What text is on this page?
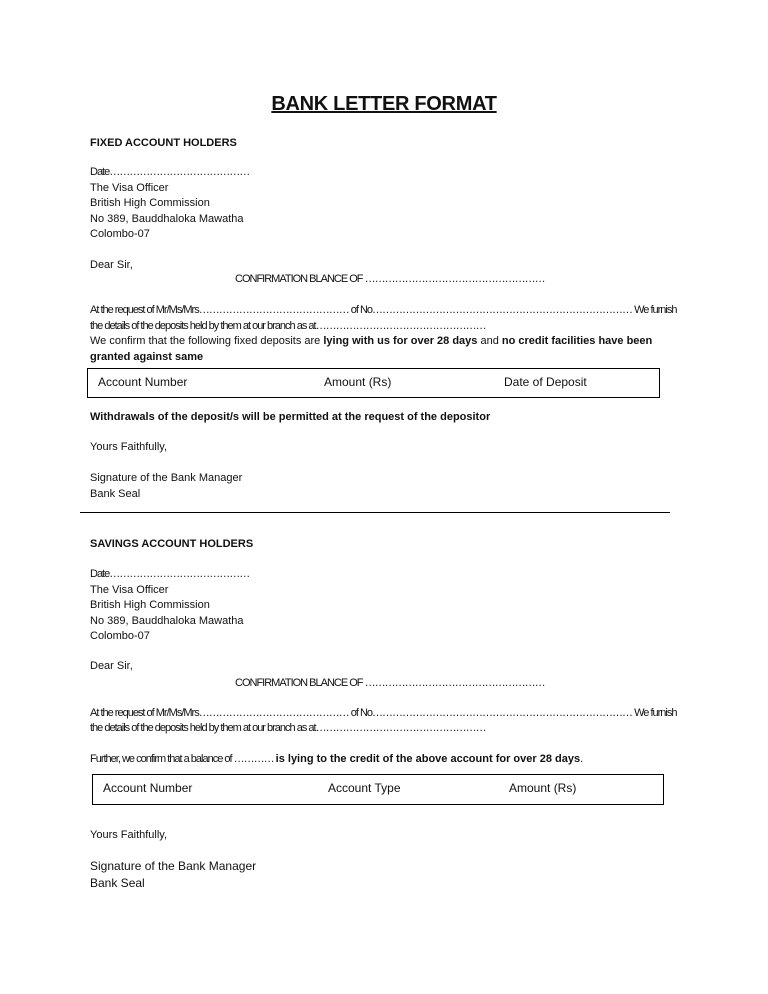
BANK LETTER FORMAT
FIXED ACCOUNT HOLDERS
Date……………………………………
The Visa Officer
British High Commission
No 389, Bauddhaloka Mawatha
Colombo-07
Dear Sir,
CONFIRMATION BLANCE OF ………………………………………………
At the request of Mr/Ms/Mrs……………………………………… of No…………………………………………………………………… We furnish
the details of the deposits held by them at our branch as at……………………………………………
We confirm that the following fixed deposits are lying with us for over 28 days and no credit facilities have been
granted against same
Account Number	Amount (Rs)	Date of Deposit
Withdrawals of the deposit/s will be permitted at the request of the depositor
Yours Faithfully,
Signature of the Bank Manager
Bank Seal
SAVINGS ACCOUNT HOLDERS
Date……………………………………
The Visa Officer
British High Commission
No 389, Bauddhaloka Mawatha
Colombo-07
Dear Sir,
CONFIRMATION BLANCE OF ………………………………………………
At the request of Mr/Ms/Mrs……………………………………… of No…………………………………………………………………… We furnish
the details of the deposits held by them at our branch as at……………………………………………
Further, we confirm that a balance of ………… is lying to the credit of the above account for over 28 days.
Account Number	Account Type	Amount (Rs)
Yours Faithfully,
Signature of the Bank Manager
Bank Seal
